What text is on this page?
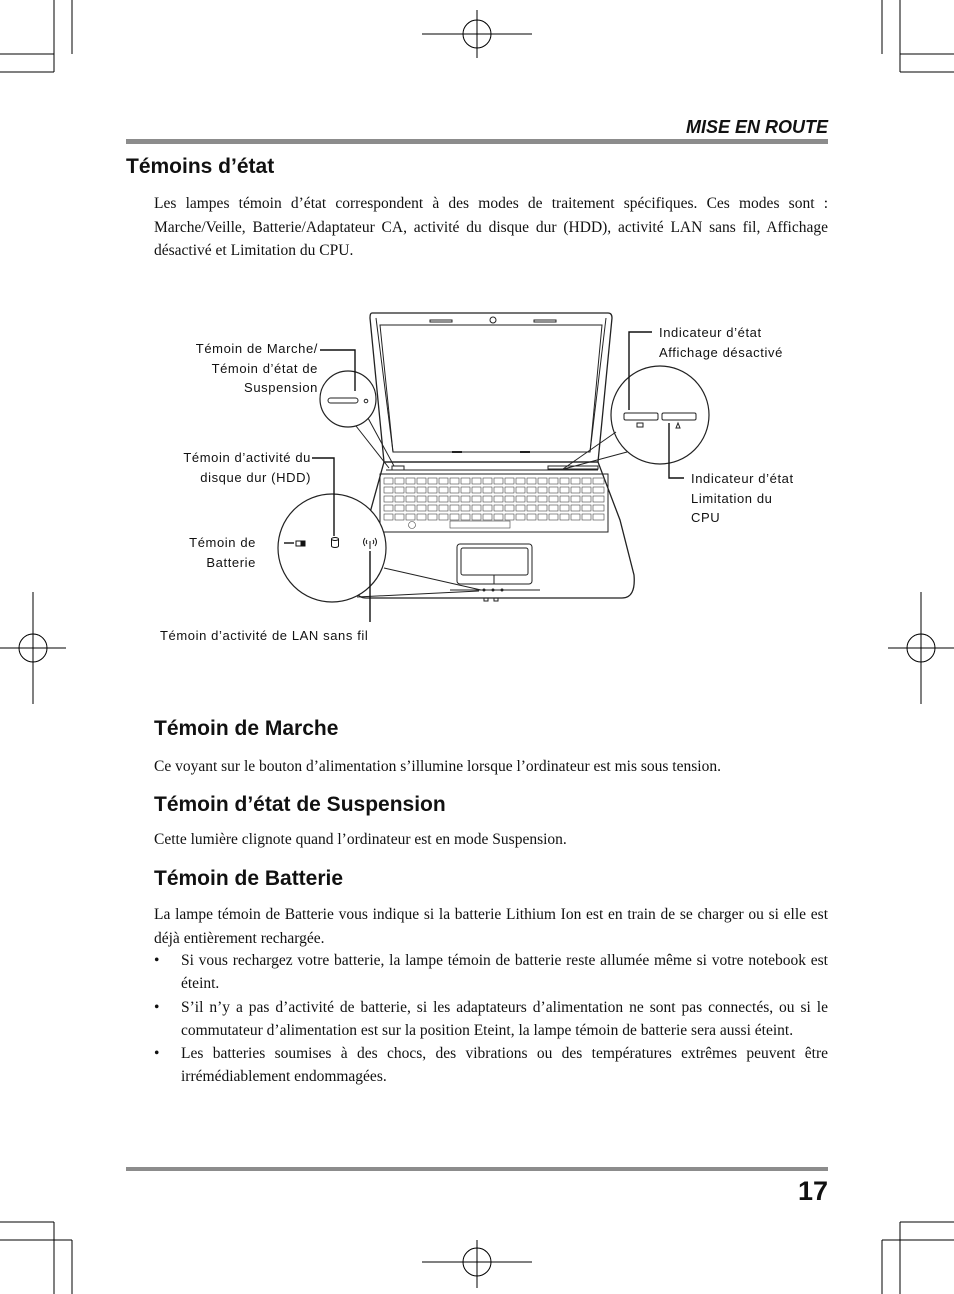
MISE EN ROUTE
Témoins d’état

Les lampes témoin d’état correspondent à des modes de traitement spécifiques. Ces modes sont : Marche/Veille, Batterie/Adaptateur CA, activité du disque dur (HDD), activité LAN sans fil, Affichage désactivé et Limitation du CPU.

Témoin de Marche/
Témoin d’état de
Suspension
Témoin d’activité du
disque dur (HDD)
Témoin de
Batterie
Témoin d’activité de LAN sans fil
Indicateur d’état
Affichage désactivé
Indicateur d’état
Limitation du
CPU
Témoin de Marche

Ce voyant sur le bouton d’alimentation s’illumine lorsque l’ordinateur est mis sous tension.

Témoin d’état de Suspension

Cette lumière clignote quand l’ordinateur est en mode Suspension.

Témoin de Batterie

La lampe témoin de Batterie vous indique si la batterie Lithium Ion est en train de se charger ou si elle est déjà entièrement rechargée.

• Si vous rechargez votre batterie, la lampe témoin de batterie reste allumée même si votre notebook est éteint.
• S’il n’y a pas d’activité de batterie, si les adaptateurs d’alimentation ne sont pas connectés, ou si le commutateur d’alimentation est sur la position Eteint, la lampe témoin de batterie sera aussi éteint.
• Les batteries soumises à des chocs, des vibrations ou des températures extrêmes peuvent être irrémédiablement endommagées.
17
